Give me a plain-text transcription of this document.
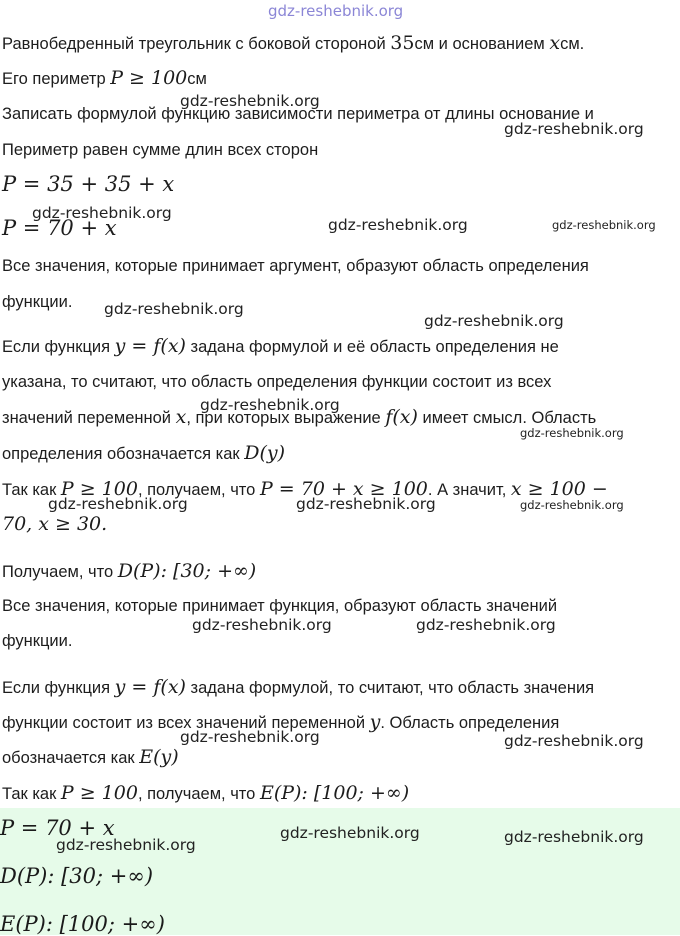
gdz-reshebnik.org
Равнобедренный треугольник с боковой стороной 35см и основанием xсм.
Его периметр P ≥ 100см
gdz-reshebnik.org
Записать формулой функцию зависимости периметра от длины основание и
gdz-reshebnik.org
Периметр равен сумме длин всех сторон
P = 35 + 35 + x
gdz-reshebnik.org
P = 70 + x	gdz-reshebnik.org	gdz-reshebnik.org
Все значения, которые принимает аргумент, образуют область определения
функции. gdz-reshebnik.org
gdz-reshebnik.org
Если функция y = f(x) задана формулой и её область определения не
указана, то считают, что область определения функции состоит из всех
gdz-reshebnik.org
значений переменной x, при которых выражение f(x) имеет смысл. Область
gdz-reshebnik.org
определения обозначается как D(y)
Так как P ≥ 100, получаем, что P = 70 + x ≥ 100. А значит, x ≥ 100 −
gdz-reshebnik.org	gdz-reshebnik.org	gdz-reshebnik.org
70, x ≥ 30.
Получаем, что D(P): [30; +∞)
Все значения, которые принимает функция, образуют область значений
gdz-reshebnik.org	gdz-reshebnik.org
функции.
Если функция y = f(x) задана формулой, то считают, что область значения
функции состоит из всех значений переменной y. Область определения
gdz-reshebnik.org	gdz-reshebnik.org
обозначается как E(y)
Так как P ≥ 100, получаем, что E(P): [100; +∞)
P = 70 + x
D(P): [30; +∞)
E(P): [100; +∞)
gdz-reshebnik.org	gdz-reshebnik.org
gdz-reshebnik.org
